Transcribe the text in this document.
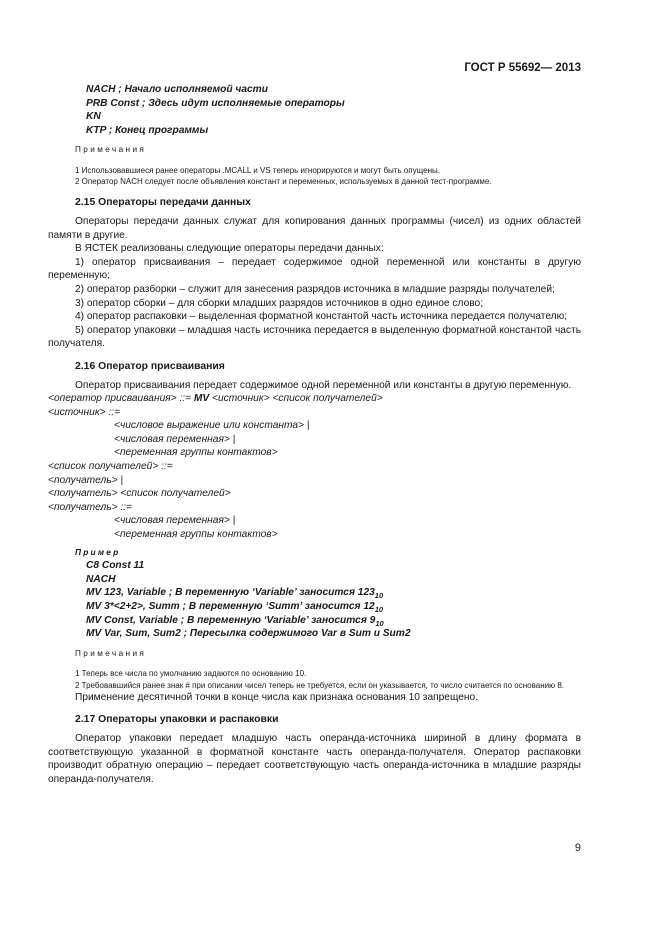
ГОСТ Р 55692— 2013

NACH ; Начало исполняемой части

PRB Const ; Здесь идут исполняемые операторы

KN

KTP ; Конец программы

Примечания

1 Использовавшиеся ранее операторы .MCALL и VS теперь игнорируются и могут быть опущены.

2 Оператор NACH следует после объявления констант и переменных, используемых в данной тест-программе.

2.15 Операторы передачи данных

Операторы передачи данных служат для копирования данных программы (чисел) из одних областей памяти в другие.

В ЯСТЕК реализованы следующие операторы передачи данных:

1) оператор присваивания – передает содержимое одной переменной или константы в другую переменную;

2) оператор разборки – служит для занесения разрядов источника в младшие разряды получателей;

3) оператор сборки – для сборки младших разрядов источников в одно единое слово;

4) оператор распаковки – выделенная форматной константой часть источника передается получателю;

5) оператор упаковки – младшая часть источника передается в выделенную форматной константой часть получателя.

2.16 Оператор присваивания

Оператор присваивания передает содержимое одной переменной или константы в другую переменную.

<оператор присваивания> ::= MV <источник> <список получателей>

<источник> ::=

<числовое выражение или константа> |

<числовая переменная> |

<переменная группы контактов>

<список получателей> ::=

<получатель> |

<получатель> <список получателей>

<получатель> ::=

<числовая переменная> |

<переменная группы контактов>

Пример

C8 Const 11

NACH

MV 123, Variable ; В переменную ‘Variable’ заносится $123_{10}$

MV 3*<2+2>, Summ ; В переменную ‘Summ’ заносится $12_{10}$

MV Const, Variable ; В переменную ‘Variable’ заносится $9_{10}$

MV Var, Sum, Sum2 ; Пересылка содержимого Var в Sum и Sum2

Примечания

1 Теперь все числа по умолчанию задаются по основанию 10.

2 Требовавшийся ранее знак # при описании чисел теперь не требуется, если он указывается, то число считается по основанию 8.

Применение десятичной точки в конце числа как признака основания 10 запрещено.

2.17 Операторы упаковки и распаковки

Оператор упаковки передает младшую часть операнда-источника шириной в длину формата в соответствующую указанной в форматной константе часть операнда-получателя. Оператор распаковки производит обратную операцию – передает соответствующую часть операнда-источника в младшие разряды операнда-получателя.

9
